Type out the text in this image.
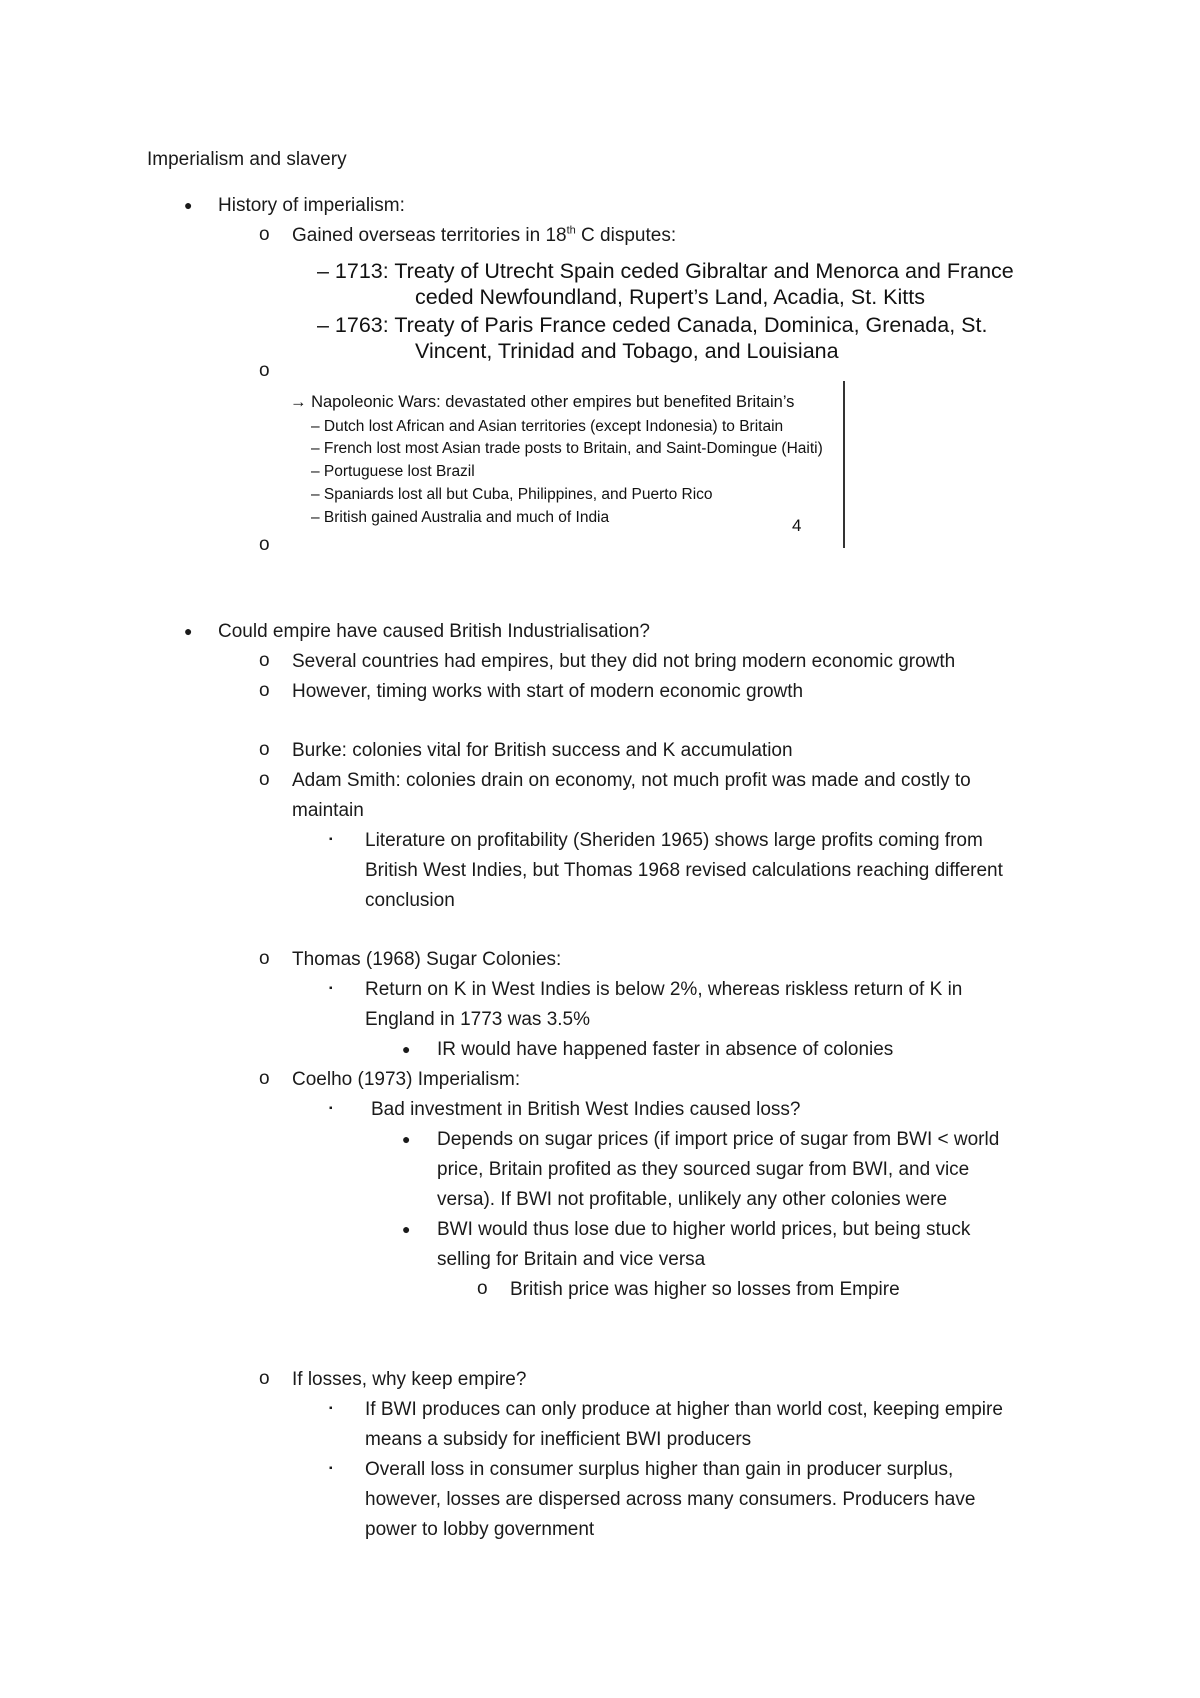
Imperialism and slavery
● History of imperialism:
o Gained overseas territories in 18th C disputes:
– 1713: Treaty of Utrecht Spain ceded Gibraltar and Menorca and France
ceded Newfoundland, Rupert’s Land, Acadia, St. Kitts
– 1763: Treaty of Paris France ceded Canada, Dominica, Grenada, St.
Vincent, Trinidad and Tobago, and Louisiana
o
→ Napoleonic Wars: devastated other empires but benefited Britain’s
– Dutch lost African and Asian territories (except Indonesia) to Britain
– French lost most Asian trade posts to Britain, and Saint-Domingue (Haiti)
– Portuguese lost Brazil
– Spaniards lost all but Cuba, Philippines, and Puerto Rico
– British gained Australia and much of India	4
o
● Could empire have caused British Industrialisation?
o Several countries had empires, but they did not bring modern economic growth
o However, timing works with start of modern economic growth
o Burke: colonies vital for British success and K accumulation
o Adam Smith: colonies drain on economy, not much profit was made and costly to
maintain
▪ Literature on profitability (Sheriden 1965) shows large profits coming from
British West Indies, but Thomas 1968 revised calculations reaching different
conclusion
o Thomas (1968) Sugar Colonies:
▪ Return on K in West Indies is below 2%, whereas riskless return of K in
England in 1773 was 3.5%
● IR would have happened faster in absence of colonies
o Coelho (1973) Imperialism:
▪ Bad investment in British West Indies caused loss?
● Depends on sugar prices (if import price of sugar from BWI < world
price, Britain profited as they sourced sugar from BWI, and vice
versa). If BWI not profitable, unlikely any other colonies were
● BWI would thus lose due to higher world prices, but being stuck
selling for Britain and vice versa
o British price was higher so losses from Empire
o If losses, why keep empire?
▪ If BWI produces can only produce at higher than world cost, keeping empire
means a subsidy for inefficient BWI producers
▪ Overall loss in consumer surplus higher than gain in producer surplus,
however, losses are dispersed across many consumers. Producers have
power to lobby government
